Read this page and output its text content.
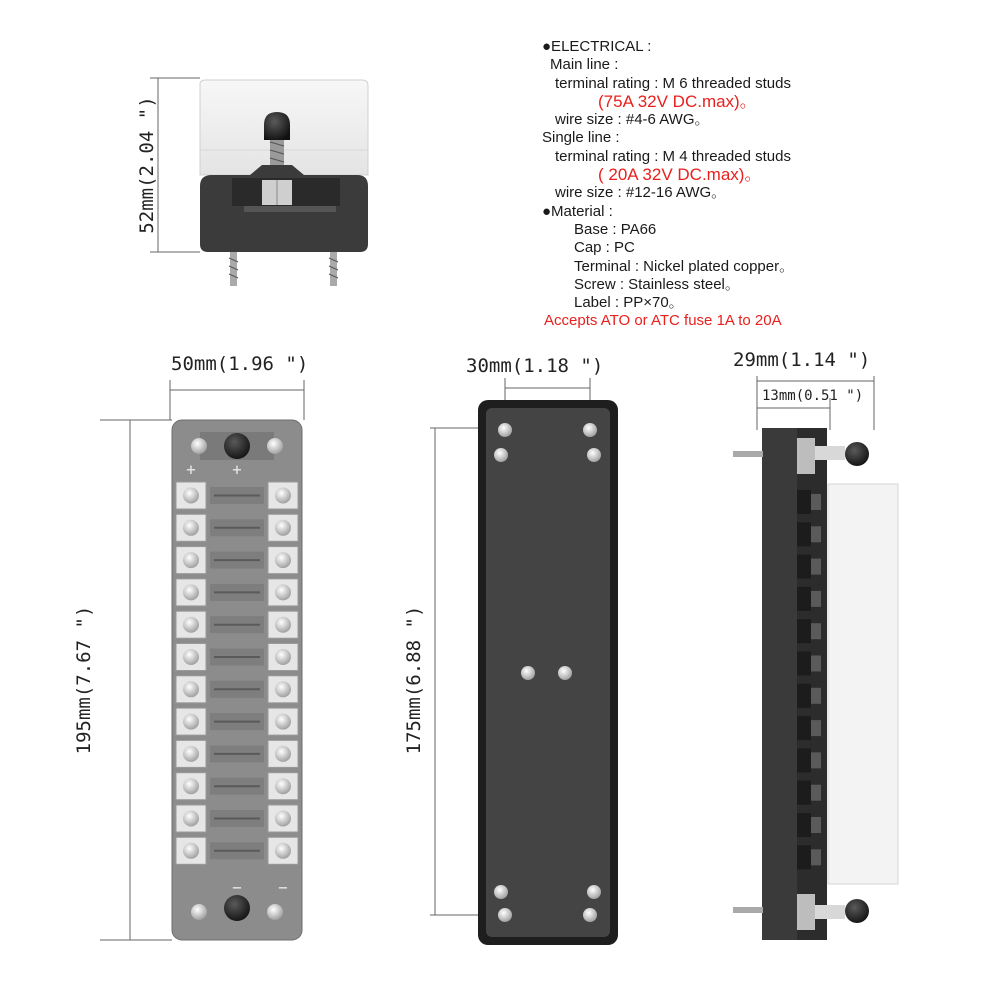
●ELECTRICAL :
Main line :
terminal rating : M 6 threaded studs
(75A 32V DC.max)。
wire size : #4-6 AWG。
Single line :
terminal rating : M 4 threaded studs
( 20A 32V DC.max)。
wire size : #12-16 AWG。
●Material :
Base : PA66
Cap : PC
Terminal : Nickel plated copper。
Screw : Stainless steel。
Label : PP×70。
Accepts ATO or ATC fuse 1A to 20A
+	+
−	−
52mm(2.04 ")
50mm(1.96 ")
195mm(7.67 ")
30mm(1.18 ")
175mm(6.88 ")
29mm(1.14 ")
13mm(0.51 ")
